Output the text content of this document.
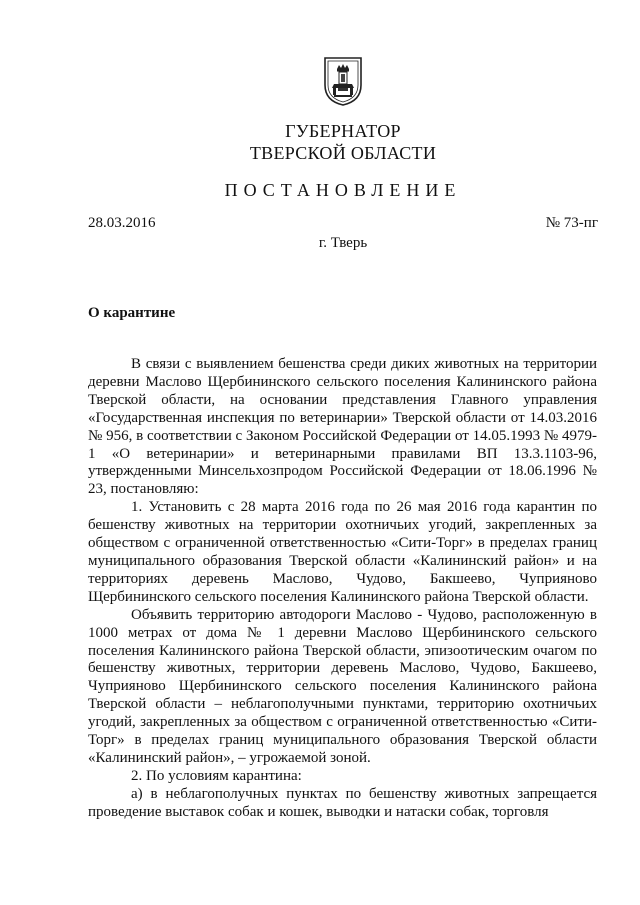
ГУБЕРНАТОР
ТВЕРСКОЙ ОБЛАСТИ
ПОСТАНОВЛЕНИЕ
28.03.2016	№ 73-пг
г. Тверь
О карантине

В связи с выявлением бешенства среди диких животных на территории деревни Маслово Щербининского сельского поселения Калининского района Тверской области, на основании представления Главного управления «Государственная инспекция по ветеринарии» Тверской области от 14.03.2016 № 956, в соответствии с Законом Российской Федерации от 14.05.1993 № 4979-1 «О ветеринарии» и ветеринарными правилами ВП 13.3.1103-96, утвержденными Минсельхозпродом Российской Федерации от 18.06.1996 № 23, постановляю:

1. Установить с 28 марта 2016 года по 26 мая 2016 года карантин по бешенству животных на территории охотничьих угодий, закрепленных за обществом с ограниченной ответственностью «Сити-Торг» в пределах границ муниципального образования Тверской области «Калининский район» и на территориях деревень Маслово, Чудово, Бакшеево, Чуприяново Щербининского сельского поселения Калининского района Тверской области.

Объявить территорию автодороги Маслово - Чудово, расположенную в 1000 метрах от дома № 1 деревни Маслово Щербининского сельского поселения Калининского района Тверской области, эпизоотическим очагом по бешенству животных, территории деревень Маслово, Чудово, Бакшеево, Чуприяново Щербининского сельского поселения Калининского района Тверской области – неблагополучными пунктами, территорию охотничьих угодий, закрепленных за обществом с ограниченной ответственностью «Сити-Торг» в пределах границ муниципального образования Тверской области «Калининский район», – угрожаемой зоной.

2. По условиям карантина:

а) в неблагополучных пунктах по бешенству животных запрещается проведение выставок собак и кошек, выводки и натаски собак, торговля
